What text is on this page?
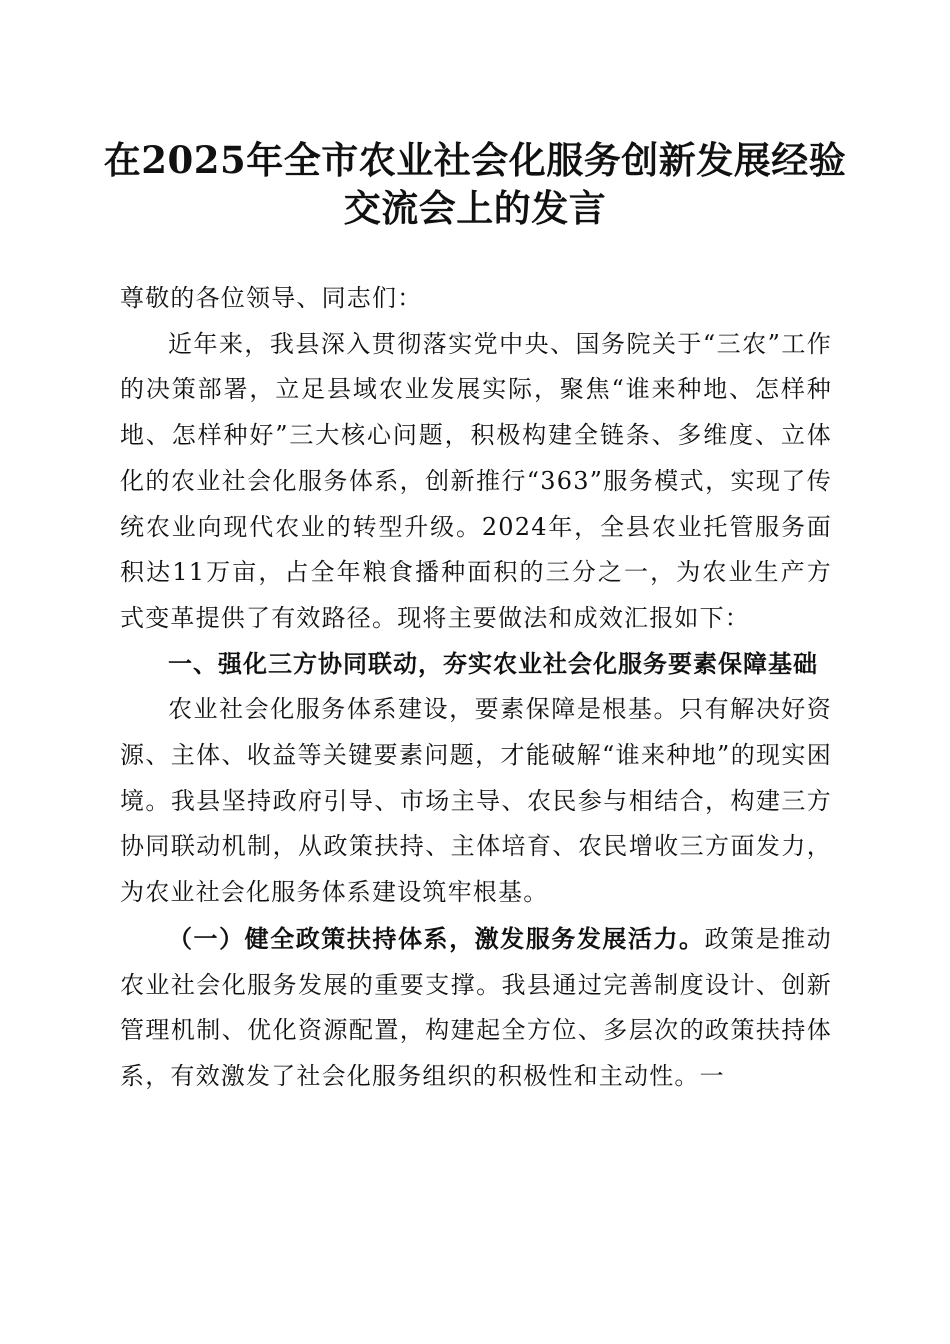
在2025年全市农业社会化服务创新发展经验
交流会上的发言

尊敬的各位领导、同志们：

近年来，我县深入贯彻落实党中央、国务院关于“三农”工作的决策部署，立足县域农业发展实际，聚焦“谁来种地、怎样种地、怎样种好”三大核心问题，积极构建全链条、多维度、立体化的农业社会化服务体系，创新推行“363”服务模式，实现了传统农业向现代农业的转型升级。2024年，全县农业托管服务面积达11万亩，占全年粮食播种面积的三分之一，为农业生产方式变革提供了有效路径。现将主要做法和成效汇报如下：

一、强化三方协同联动，夯实农业社会化服务要素保障基础

农业社会化服务体系建设，要素保障是根基。只有解决好资源、主体、收益等关键要素问题，才能破解“谁来种地”的现实困境。我县坚持政府引导、市场主导、农民参与相结合，构建三方协同联动机制，从政策扶持、主体培育、农民增收三方面发力，为农业社会化服务体系建设筑牢根基。

（一）健全政策扶持体系，激发服务发展活力。政策是推动农业社会化服务发展的重要支撑。我县通过完善制度设计、创新管理机制、优化资源配置，构建起全方位、多层次的政策扶持体系，有效激发了社会化服务组织的积极性和主动性。一
